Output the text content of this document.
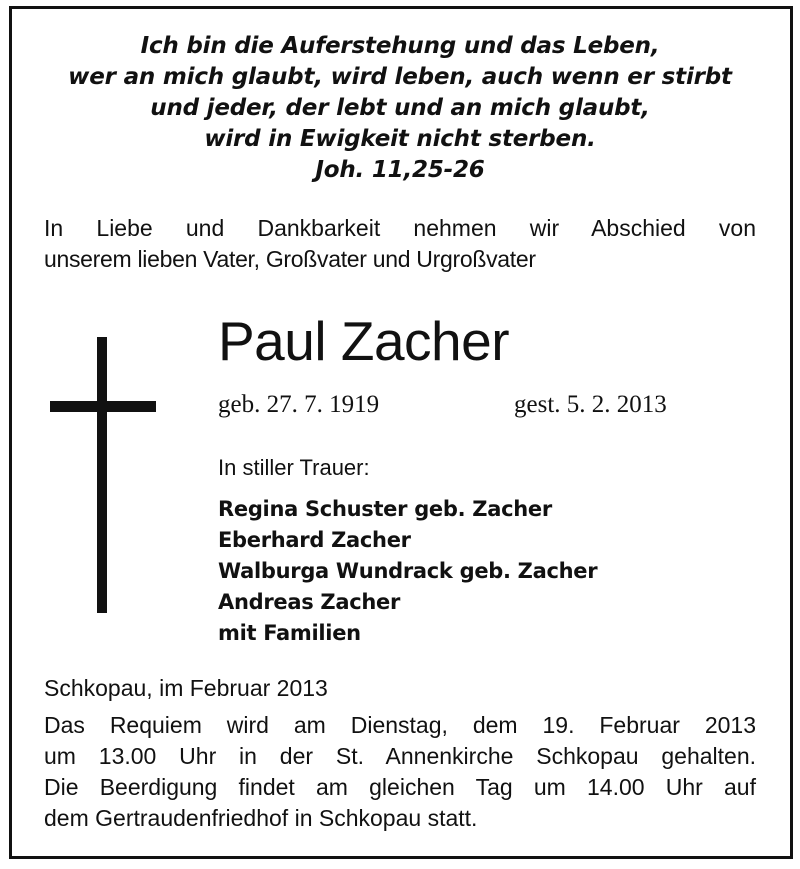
Ich bin die Auferstehung und das Leben,
wer an mich glaubt, wird leben, auch wenn er stirbt
und jeder, der lebt und an mich glaubt,
wird in Ewigkeit nicht sterben.
Joh. 11,25-26
In Liebe und Dankbarkeit nehmen wir Abschied von
unserem lieben Vater, Großvater und Urgroßvater
Paul Zacher
geb. 27. 7. 1919	gest. 5. 2. 2013
In stiller Trauer:
Regina Schuster geb. Zacher
Eberhard Zacher
Walburga Wundrack geb. Zacher
Andreas Zacher
mit Familien
Schkopau, im Februar 2013
Das Requiem wird am Dienstag, dem 19. Februar 2013
um 13.00 Uhr in der St. Annenkirche Schkopau gehalten.
Die Beerdigung findet am gleichen Tag um 14.00 Uhr auf
dem Gertraudenfriedhof in Schkopau statt.
